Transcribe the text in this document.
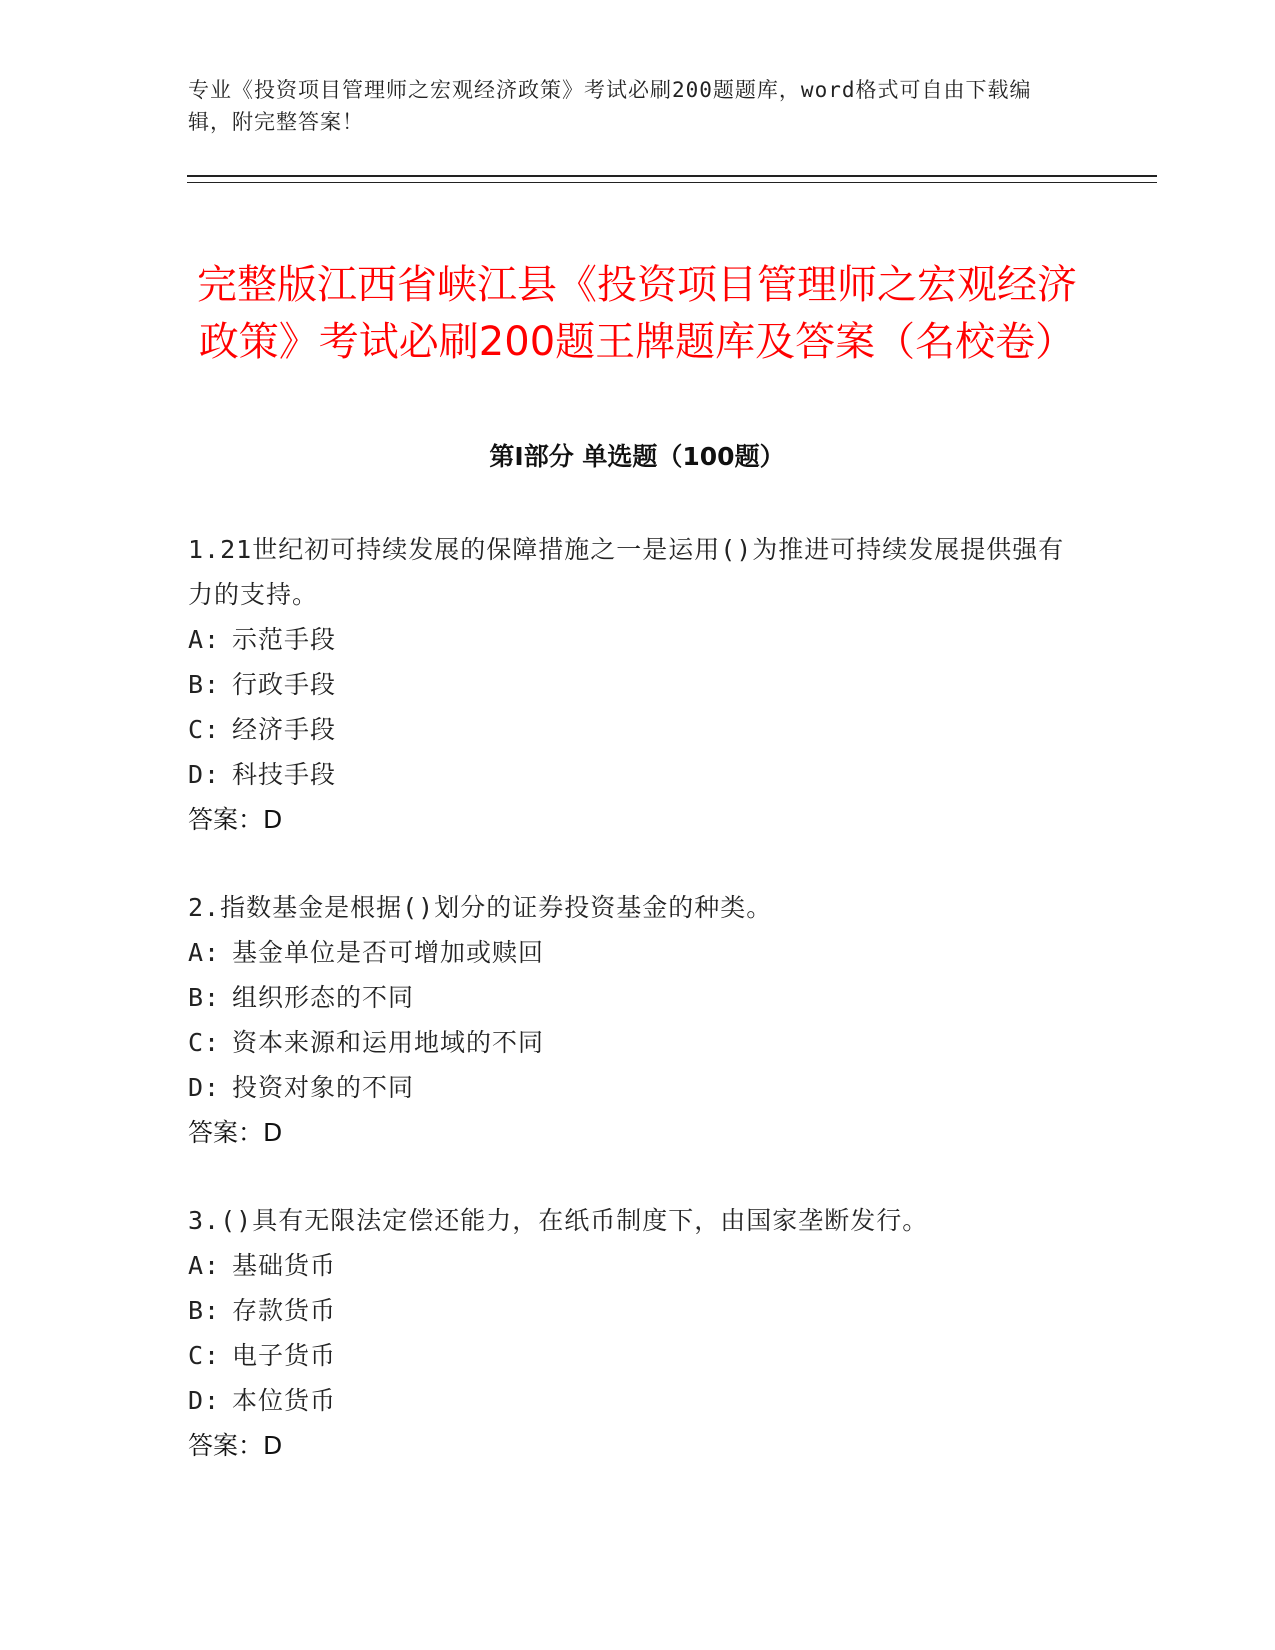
专业《投资项目管理师之宏观经济政策》考试必刷200题题库，word格式可自由下载编辑，附完整答案！
完整版江西省峡江县《投资项目管理师之宏观经济政策》考试必刷200题王牌题库及答案（名校卷）
第I部分 单选题（100题）
1.21世纪初可持续发展的保障措施之一是运用()为推进可持续发展提供强有力的支持。
A: 示范手段
B: 行政手段
C: 经济手段
D: 科技手段
答案：D
2.指数基金是根据()划分的证券投资基金的种类。
A: 基金单位是否可增加或赎回
B: 组织形态的不同
C: 资本来源和运用地域的不同
D: 投资对象的不同
答案：D
3.()具有无限法定偿还能力，在纸币制度下，由国家垄断发行。
A: 基础货币
B: 存款货币
C: 电子货币
D: 本位货币
答案：D
